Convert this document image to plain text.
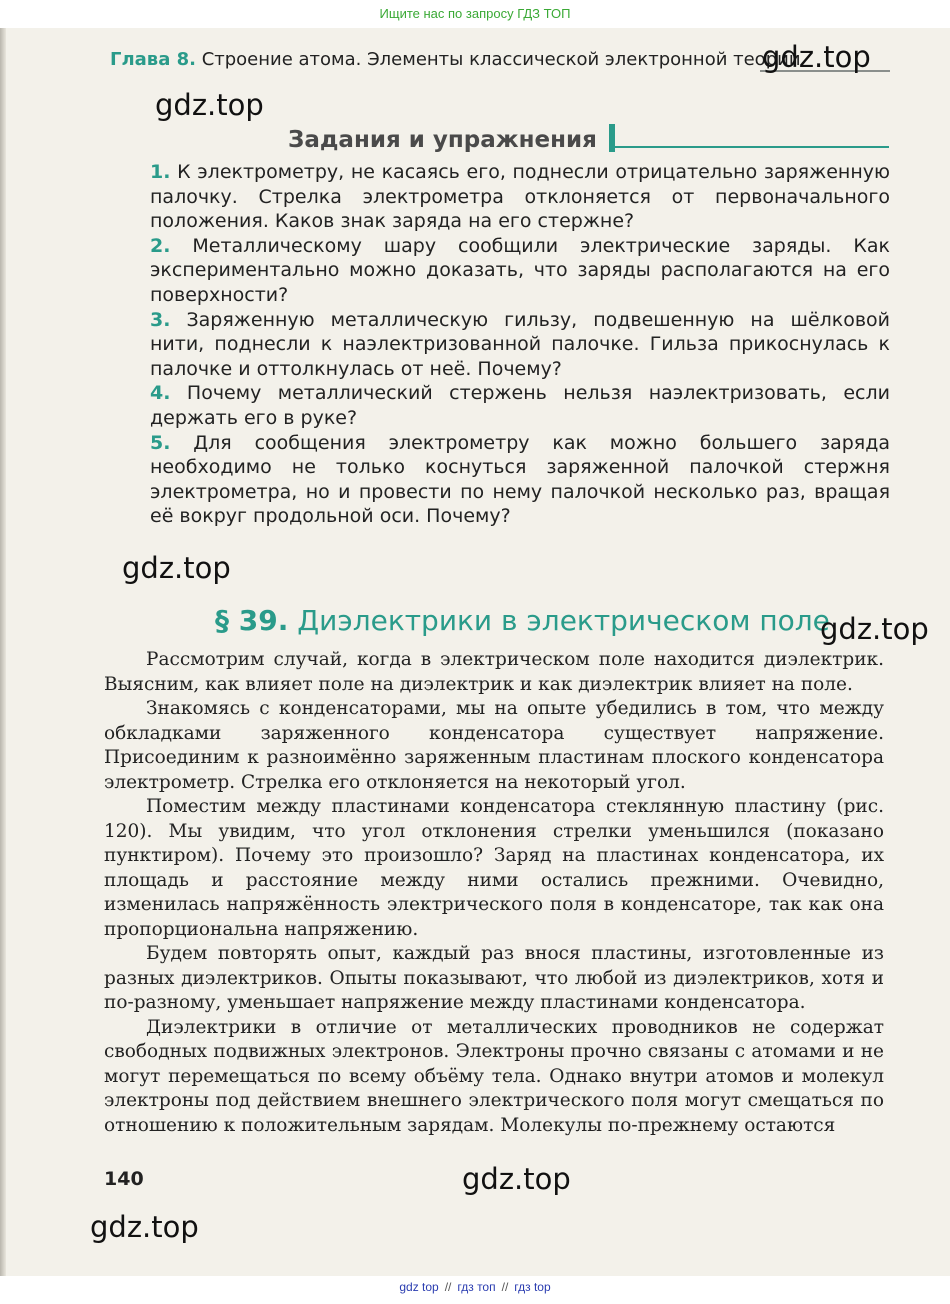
Ищите нас по запросу ГДЗ ТОП
Глава 8. Строение атома. Элементы классической электронной теории
gdz.top
gdz.top
Задания и упражнения

1. К электрометру, не касаясь его, поднесли отрицательно заряженную палочку. Стрелка электрометра отклоняется от первоначального положения. Каков знак заряда на его стержне?

2. Металлическому шару сообщили электрические заряды. Как экспериментально можно доказать, что заряды располагаются на его поверхности?

3. Заряженную металлическую гильзу, подвешенную на шёлковой нити, поднесли к наэлектризованной палочке. Гильза прикоснулась к палочке и оттолкнулась от неё. Почему?

4. Почему металлический стержень нельзя наэлектризовать, если держать его в руке?

5. Для сообщения электрометру как можно большего заряда необходимо не только коснуться заряженной палочкой стержня электрометра, но и провести по нему палочкой несколько раз, вращая её вокруг продольной оси. Почему?

gdz.top
§ 39. Диэлектрики в электрическом поле
gdz.top

Рассмотрим случай, когда в электрическом поле находится диэлектрик. Выясним, как влияет поле на диэлектрик и как диэлектрик влияет на поле.

Знакомясь с конденсаторами, мы на опыте убедились в том, что между обкладками заряженного конденсатора существует напряжение. Присоединим к разноимённо заряженным пластинам плоского конденсатора электрометр. Стрелка его отклоняется на некоторый угол.

Поместим между пластинами конденсатора стеклянную пластину (рис. 120). Мы увидим, что угол отклонения стрелки уменьшился (показано пунктиром). Почему это произошло? Заряд на пластинах конденсатора, их площадь и расстояние между ними остались прежними. Очевидно, изменилась напряжённость электрического поля в конденсаторе, так как она пропорциональна напряжению.

Будем повторять опыт, каждый раз внося пластины, изготовленные из разных диэлектриков. Опыты показывают, что любой из диэлектриков, хотя и по-разному, уменьшает напряжение между пластинами конденсатора.

Диэлектрики в отличие от металлических проводников не содержат свободных подвижных электронов. Электроны прочно связаны с атомами и не могут перемещаться по всему объёму тела. Однако внутри атомов и молекул электроны под действием внешнего электрического поля могут смещаться по отношению к положительным зарядам. Молекулы по-прежнему остаются

140	gdz.top
gdz.top
gdz top // гдз топ // гдз top
